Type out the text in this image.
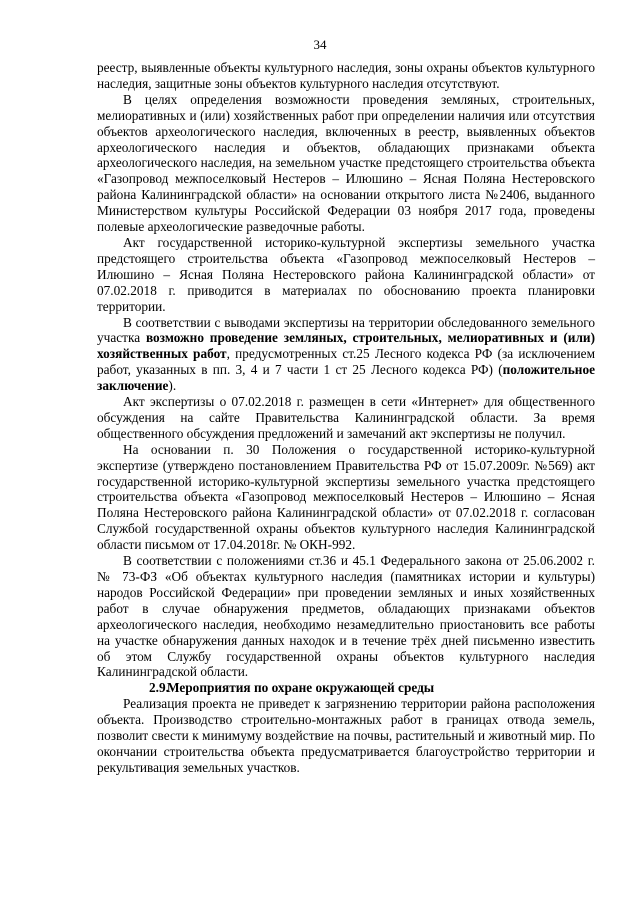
34

реестр, выявленные объекты культурного наследия, зоны охраны объектов культурного наследия, защитные зоны объектов культурного наследия отсутствуют.

В целях определения возможности проведения земляных, строительных, мелиоративных и (или) хозяйственных работ при определении наличия или отсутствия объектов археологического наследия, включенных в реестр, выявленных объектов археологического наследия и объектов, обладающих признаками объекта археологического наследия, на земельном участке предстоящего строительства объекта «Газопровод межпоселковый Нестеров – Илюшино – Ясная Поляна Нестеровского района Калининградской области» на основании открытого листа №2406, выданного Министерством культуры Российской Федерации 03 ноября 2017 года, проведены полевые археологические разведочные работы.

Акт государственной историко-культурной экспертизы земельного участка предстоящего строительства объекта «Газопровод межпоселковый Нестеров – Илюшино – Ясная Поляна Нестеровского района Калининградской области» от 07.02.2018 г. приводится в материалах по обоснованию проекта планировки территории.

В соответствии с выводами экспертизы на территории обследованного земельного участка возможно проведение земляных, строительных, мелиоративных и (или) хозяйственных работ, предусмотренных ст.25 Лесного кодекса РФ (за исключением работ, указанных в пп. 3, 4 и 7 части 1 ст 25 Лесного кодекса РФ) (положительное заключение).

Акт экспертизы о 07.02.2018 г. размещен в сети «Интернет» для общественного обсуждения на сайте Правительства Калининградской области. За время общественного обсуждения предложений и замечаний акт экспертизы не получил.

На основании п. 30 Положения о государственной историко-культурной экспертизе (утверждено постановлением Правительства РФ от 15.07.2009г. №569) акт государственной историко-культурной экспертизы земельного участка предстоящего строительства объекта «Газопровод межпоселковый Нестеров – Илюшино – Ясная Поляна Нестеровского района Калининградской области» от 07.02.2018 г. согласован Службой государственной охраны объектов культурного наследия Калининградской области письмом от 17.04.2018г. № ОКН-992.

В соответствии с положениями ст.36 и 45.1 Федерального закона от 25.06.2002 г. № 73-ФЗ «Об объектах культурного наследия (памятниках истории и культуры) народов Российской Федерации» при проведении земляных и иных хозяйственных работ в случае обнаружения предметов, обладающих признаками объектов археологического наследия, необходимо незамедлительно приостановить все работы на участке обнаружения данных находок и в течение трёх дней письменно известить об этом Службу государственной охраны объектов культурного наследия Калининградской области.

2.9.Мероприятия по охране окружающей среды

Реализация проекта не приведет к загрязнению территории района расположения объекта. Производство строительно-монтажных работ в границах отвода земель, позволит свести к минимуму воздействие на почвы, растительный и животный мир. По окончании строительства объекта предусматривается благоустройство территории и рекультивация земельных участков.
